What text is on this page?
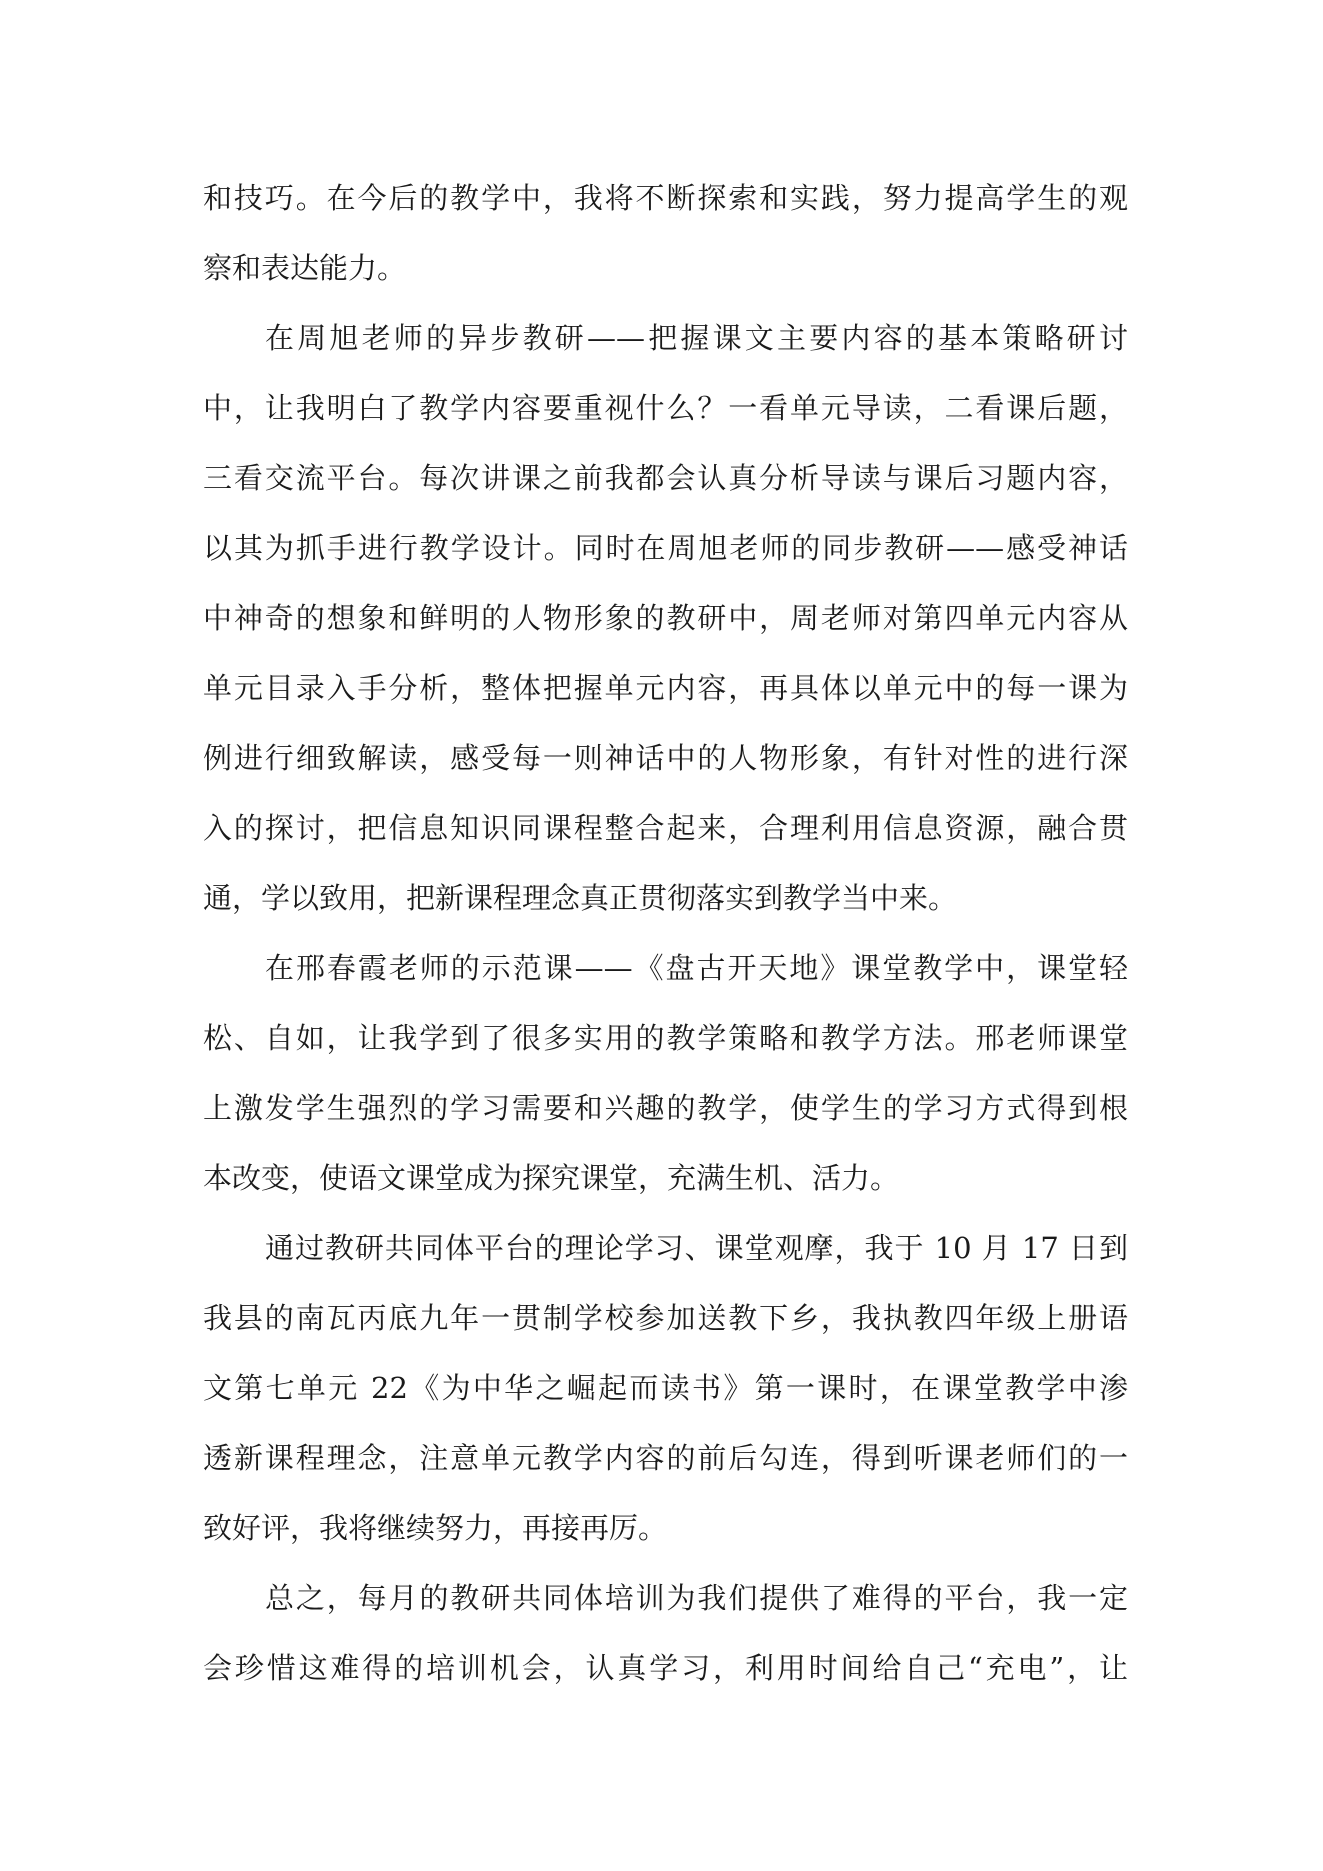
和技巧。在今后的教学中，我将不断探索和实践，努力提高学生的观
察和表达能力。
在周旭老师的异步教研——把握课文主要内容的基本策略研讨
中，让我明白了教学内容要重视什么？一看单元导读，二看课后题，
三看交流平台。每次讲课之前我都会认真分析导读与课后习题内容，
以其为抓手进行教学设计。同时在周旭老师的同步教研——感受神话
中神奇的想象和鲜明的人物形象的教研中，周老师对第四单元内容从
单元目录入手分析，整体把握单元内容，再具体以单元中的每一课为
例进行细致解读，感受每一则神话中的人物形象，有针对性的进行深
入的探讨，把信息知识同课程整合起来，合理利用信息资源，融合贯
通，学以致用，把新课程理念真正贯彻落实到教学当中来。
在邢春霞老师的示范课——《盘古开天地》课堂教学中，课堂轻
松、自如，让我学到了很多实用的教学策略和教学方法。邢老师课堂
上激发学生强烈的学习需要和兴趣的教学，使学生的学习方式得到根
本改变，使语文课堂成为探究课堂，充满生机、活力。
通过教研共同体平台的理论学习、课堂观摩，我于 10 月 17 日到
我县的南瓦丙底九年一贯制学校参加送教下乡，我执教四年级上册语
文第七单元 22《为中华之崛起而读书》第一课时，在课堂教学中渗
透新课程理念，注意单元教学内容的前后勾连，得到听课老师们的一
致好评，我将继续努力，再接再厉。
总之，每月的教研共同体培训为我们提供了难得的平台，我一定
会珍惜这难得的培训机会，认真学习，利用时间给自己“充电”，让
